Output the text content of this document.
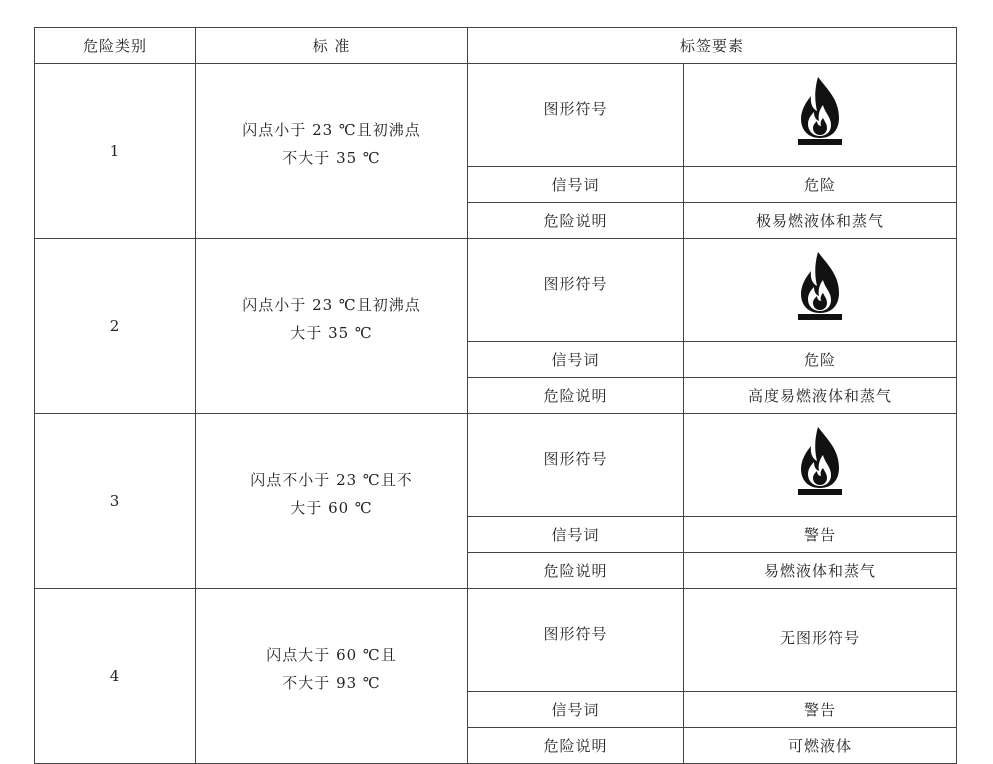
危险类别	标 准	标签要素	
1	闪点小于 23 ℃且初沸点
不大于 35 ℃	图形符号	

		信号词	危险
		危险说明	极易燃液体和蒸气
2	闪点小于 23 ℃且初沸点
大于 35 ℃	图形符号	

		信号词	危险
		危险说明	高度易燃液体和蒸气
3	闪点不小于 23 ℃且不
大于 60 ℃	图形符号	

		信号词	警告
		危险说明	易燃液体和蒸气
4	闪点大于 60 ℃且
不大于 93 ℃	图形符号	无图形符号
		信号词	警告
		危险说明	可燃液体
